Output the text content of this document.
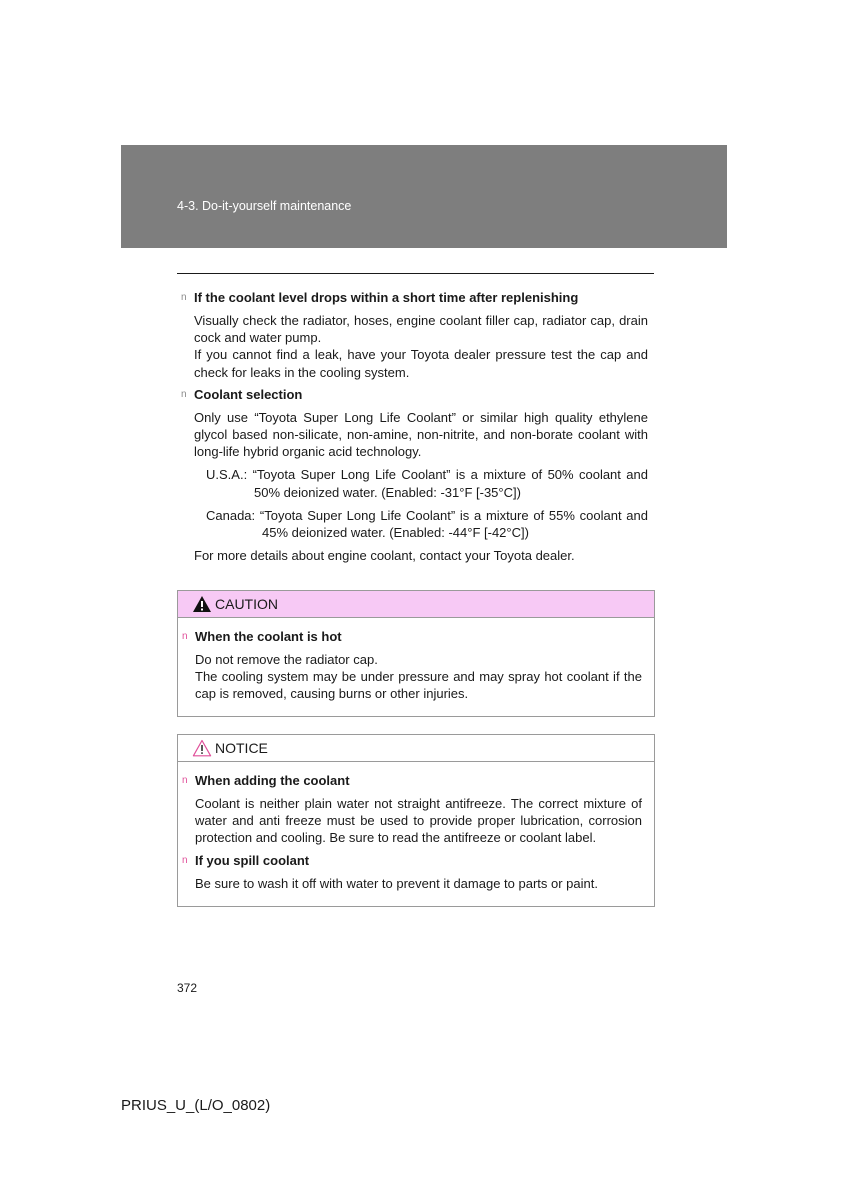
4-3. Do-it-yourself maintenance
n If the coolant level drops within a short time after replenishing

Visually check the radiator, hoses, engine coolant filler cap, radiator cap, drain cock and water pump.

If you cannot find a leak, have your Toyota dealer pressure test the cap and check for leaks in the cooling system.

n Coolant selection

Only use “Toyota Super Long Life Coolant” or similar high quality ethylene glycol based non-silicate, non-amine, non-nitrite, and non-borate coolant with long-life hybrid organic acid technology.

U.S.A.: “Toyota Super Long Life Coolant” is a mixture of 50% coolant and 50% deionized water. (Enabled: -31°F [-35°C])

Canada: “Toyota Super Long Life Coolant” is a mixture of 55% coolant and 45% deionized water. (Enabled: -44°F [-42°C])

For more details about engine coolant, contact your Toyota dealer.

CAUTION
n When the coolant is hot

Do not remove the radiator cap.

The cooling system may be under pressure and may spray hot coolant if the cap is removed, causing burns or other injuries.

NOTICE
n When adding the coolant

Coolant is neither plain water not straight antifreeze. The correct mixture of water and anti freeze must be used to provide proper lubrication, corrosion protection and cooling. Be sure to read the antifreeze or coolant label.

n If you spill coolant

Be sure to wash it off with water to prevent it damage to parts or paint.

372
PRIUS_U_(L/O_0802)
